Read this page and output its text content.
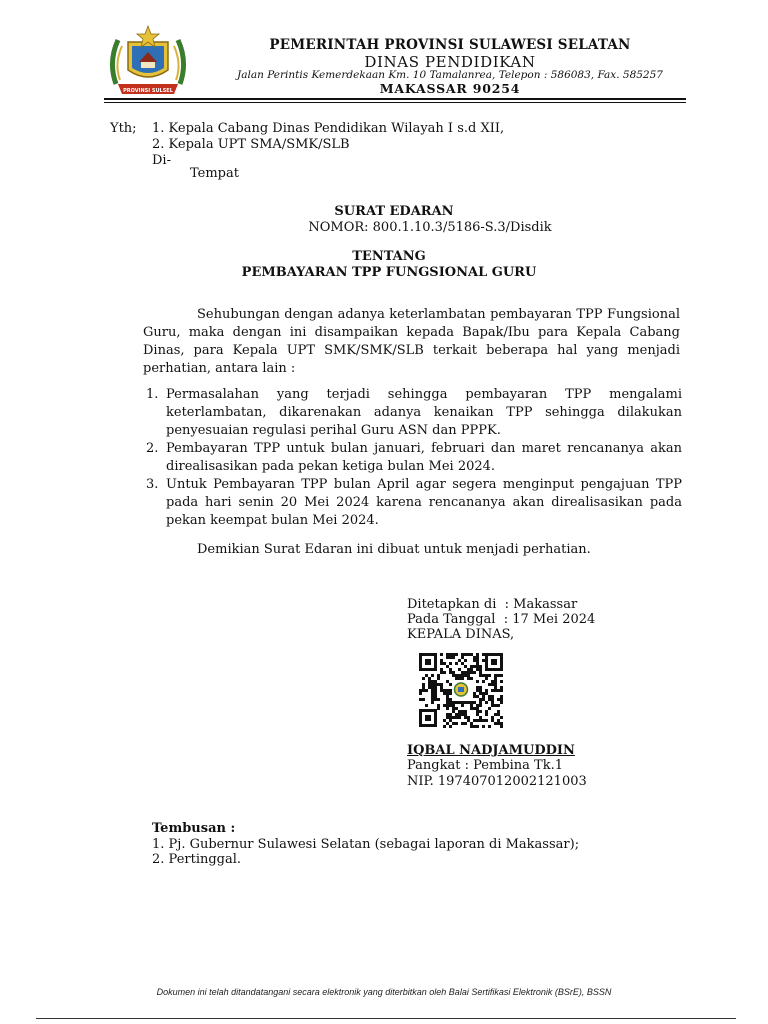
PROVINSI SULSEL
PEMERINTAH PROVINSI SULAWESI SELATAN
DINAS PENDIDIKAN
Jalan Perintis Kemerdekaan Km. 10 Tamalanrea, Telepon : 586083, Fax. 585257
MAKASSAR 90254
Yth; 1. Kepala Cabang Dinas Pendidikan Wilayah I s.d XII,
2. Kepala UPT SMA/SMK/SLB
Di-
Tempat
SURAT EDARAN
NOMOR: 800.1.10.3/5186-S.3/Disdik
TENTANG
PEMBAYARAN TPP FUNGSIONAL GURU
Sehubungan dengan adanya keterlambatan pembayaran TPP Fungsional Guru, maka dengan ini disampaikan kepada Bapak/Ibu para Kepala Cabang Dinas, para Kepala UPT SMK/SMK/SLB terkait beberapa hal yang menjadi perhatian, antara lain :
1. Permasalahan yang terjadi sehingga pembayaran TPP mengalami keterlambatan, dikarenakan adanya kenaikan TPP sehingga dilakukan penyesuaian regulasi perihal Guru ASN dan PPPK.
2. Pembayaran TPP untuk bulan januari, februari dan maret rencananya akan direalisasikan pada pekan ketiga bulan Mei 2024.
3. Untuk Pembayaran TPP bulan April agar segera menginput pengajuan TPP pada hari senin 20 Mei 2024 karena rencananya akan direalisasikan pada pekan keempat bulan Mei 2024.
Demikian Surat Edaran ini dibuat untuk menjadi perhatian.
Ditetapkan di  : Makassar
Pada Tanggal  : 17 Mei 2024
KEPALA DINAS,
IQBAL NADJAMUDDIN
Pangkat : Pembina Tk.1
NIP. 197407012002121003
Tembusan :
1. Pj. Gubernur Sulawesi Selatan (sebagai laporan di Makassar);
2. Pertinggal.
Dokumen ini telah ditandatangani secara elektronik yang diterbitkan oleh Balai Sertifikasi Elektronik (BSrE), BSSN
